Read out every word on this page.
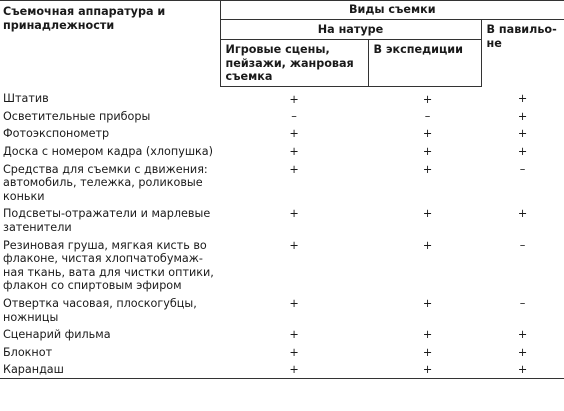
Съемочная аппаратура и принадлежности	Виды съемки		
	На натуре		В павильо-не
	Игровые сцены, пейзажи, жанровая съемка	В экспедиции	
Штатив	+	+	+
Осветительные приборы	–	–	+
Фотоэкспонометр	+	+	+
Доска с номером кадра (хлопушка)	+	+	+
Средства для съемки с движения: автомобиль, тележка, роликовые коньки	+	+	–
Подсветы-отражатели и марлевые затенители	+	+	+
Резиновая груша, мягкая кисть во флаконе, чистая хлопчатобумаж-ная ткань, вата для чистки оптики, флакон со спиртовым эфиром	+	+	–
Отвертка часовая, плоскогубцы, ножницы	+	+	–
Сценарий фильма	+	+	+
Блокнот	+	+	+
Карандаш	+	+	+
